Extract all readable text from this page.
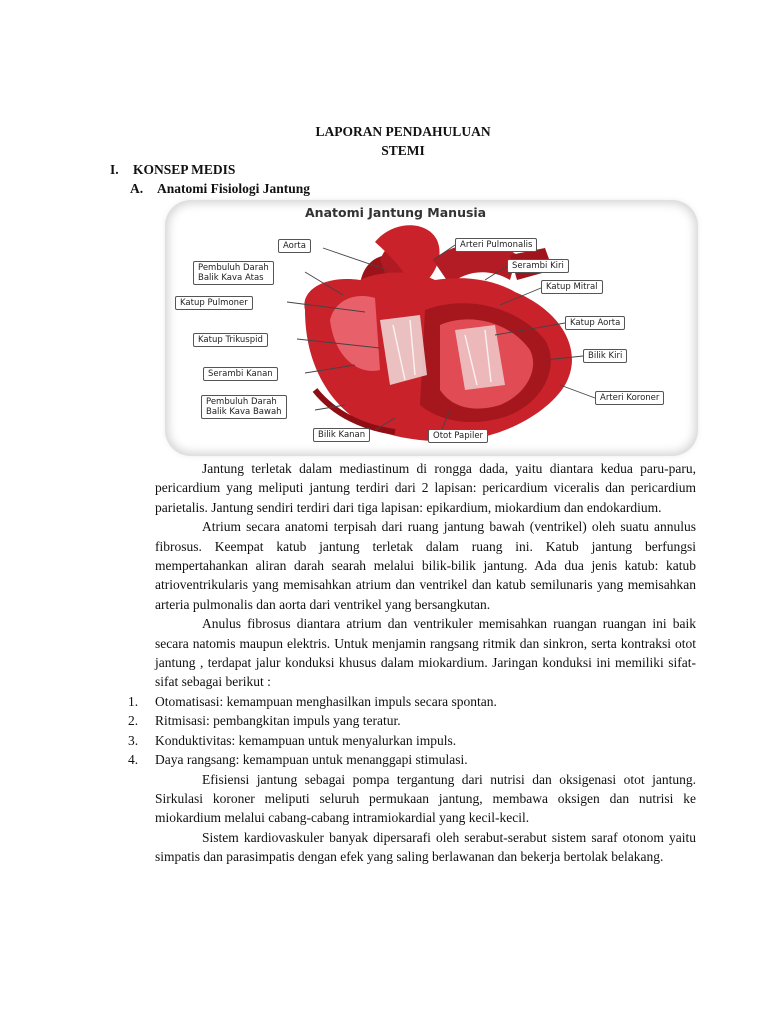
LAPORAN PENDAHULUAN
STEMI
I. KONSEP MEDIS
A. Anatomi Fisiologi Jantung
Anatomi Jantung Manusia
Aorta
Pembuluh Darah
Balik Kava Atas
Katup Pulmoner
Katup Trikuspid
Serambi Kanan
Pembuluh Darah
Balik Kava Bawah
Bilik Kanan	Otot Papiler
Arteri Pulmonalis
Serambi Kiri
Katup Mitral
Katup Aorta
Bilik Kiri
Arteri Koroner

Jantung terletak dalam mediastinum di rongga dada, yaitu diantara kedua paru-paru, pericardium yang meliputi jantung terdiri dari 2 lapisan: pericardium viceralis dan pericardium parietalis. Jantung sendiri terdiri dari tiga lapisan: epikardium, miokardium dan endokardium.

Atrium secara anatomi terpisah dari ruang jantung bawah (ventrikel) oleh suatu annulus fibrosus. Keempat katub jantung terletak dalam ruang ini. Katub jantung berfungsi mempertahankan aliran darah searah melalui bilik-bilik jantung. Ada dua jenis katub: katub atrioventrikularis yang memisahkan atrium dan ventrikel dan katub semilunaris yang memisahkan arteria pulmonalis dan aorta dari ventrikel yang bersangkutan.

Anulus fibrosus diantara atrium dan ventrikuler memisahkan ruangan ruangan ini baik secara natomis maupun elektris. Untuk menjamin rangsang ritmik dan sinkron, serta kontraksi otot jantung , terdapat jalur konduksi khusus dalam miokardium. Jaringan konduksi ini memiliki sifat-sifat sebagai berikut :

1. Otomatisasi: kemampuan menghasilkan impuls secara spontan.
2. Ritmisasi: pembangkitan impuls yang teratur.
3. Konduktivitas: kemampuan untuk menyalurkan impuls.
4. Daya rangsang: kemampuan untuk menanggapi stimulasi.

Efisiensi jantung sebagai pompa tergantung dari nutrisi dan oksigenasi otot jantung. Sirkulasi koroner meliputi seluruh permukaan jantung, membawa oksigen dan nutrisi ke miokardium melalui cabang-cabang intramiokardial yang kecil-kecil.

Sistem kardiovaskuler banyak dipersarafi oleh serabut-serabut sistem saraf otonom yaitu simpatis dan parasimpatis dengan efek yang saling berlawanan dan bekerja bertolak belakang.
